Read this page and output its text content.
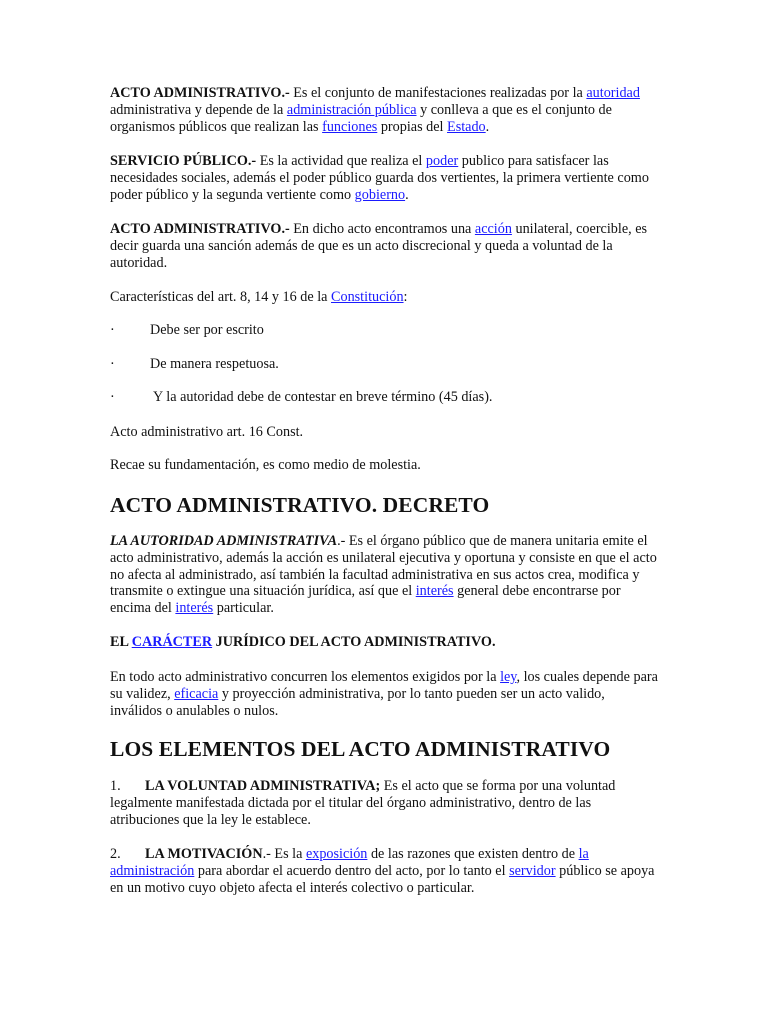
ACTO ADMINISTRATIVO.- Es el conjunto de manifestaciones realizadas por la autoridad administrativa y depende de la administración pública y conlleva a que es el conjunto de organismos públicos que realizan las funciones propias del Estado.

SERVICIO PÚBLICO.- Es la actividad que realiza el poder publico para satisfacer las necesidades sociales, además el poder público guarda dos vertientes, la primera vertiente como poder público y la segunda vertiente como gobierno.

ACTO ADMINISTRATIVO.- En dicho acto encontramos una acción unilateral, coercible, es decir guarda una sanción además de que es un acto discrecional y queda a voluntad de la autoridad.

Características del art. 8, 14 y 16 de la Constitución:

· Debe ser por escrito

· De manera respetuosa.

· Y la autoridad debe de contestar en breve término (45 días).

Acto administrativo art. 16 Const.

Recae su fundamentación, es como medio de molestia.

ACTO ADMINISTRATIVO. DECRETO

LA AUTORIDAD ADMINISTRATIVA.- Es el órgano público que de manera unitaria emite el acto administrativo, además la acción es unilateral ejecutiva y oportuna y consiste en que el acto no afecta al administrado, así también la facultad administrativa en sus actos crea, modifica y transmite o extingue una situación jurídica, así que el interés general debe encontrarse por encima del interés particular.

EL CARÁCTER JURÍDICO DEL ACTO ADMINISTRATIVO.

En todo acto administrativo concurren los elementos exigidos por la ley, los cuales depende para su validez, eficacia y proyección administrativa, por lo tanto pueden ser un acto valido, inválidos o anulables o nulos.

LOS ELEMENTOS DEL ACTO ADMINISTRATIVO

1. LA VOLUNTAD ADMINISTRATIVA; Es el acto que se forma por una voluntad legalmente manifestada dictada por el titular del órgano administrativo, dentro de las atribuciones que la ley le establece.

2. LA MOTIVACIÓN.- Es la exposición de las razones que existen dentro de la administración para abordar el acuerdo dentro del acto, por lo tanto el servidor público se apoya en un motivo cuyo objeto afecta el interés colectivo o particular.
